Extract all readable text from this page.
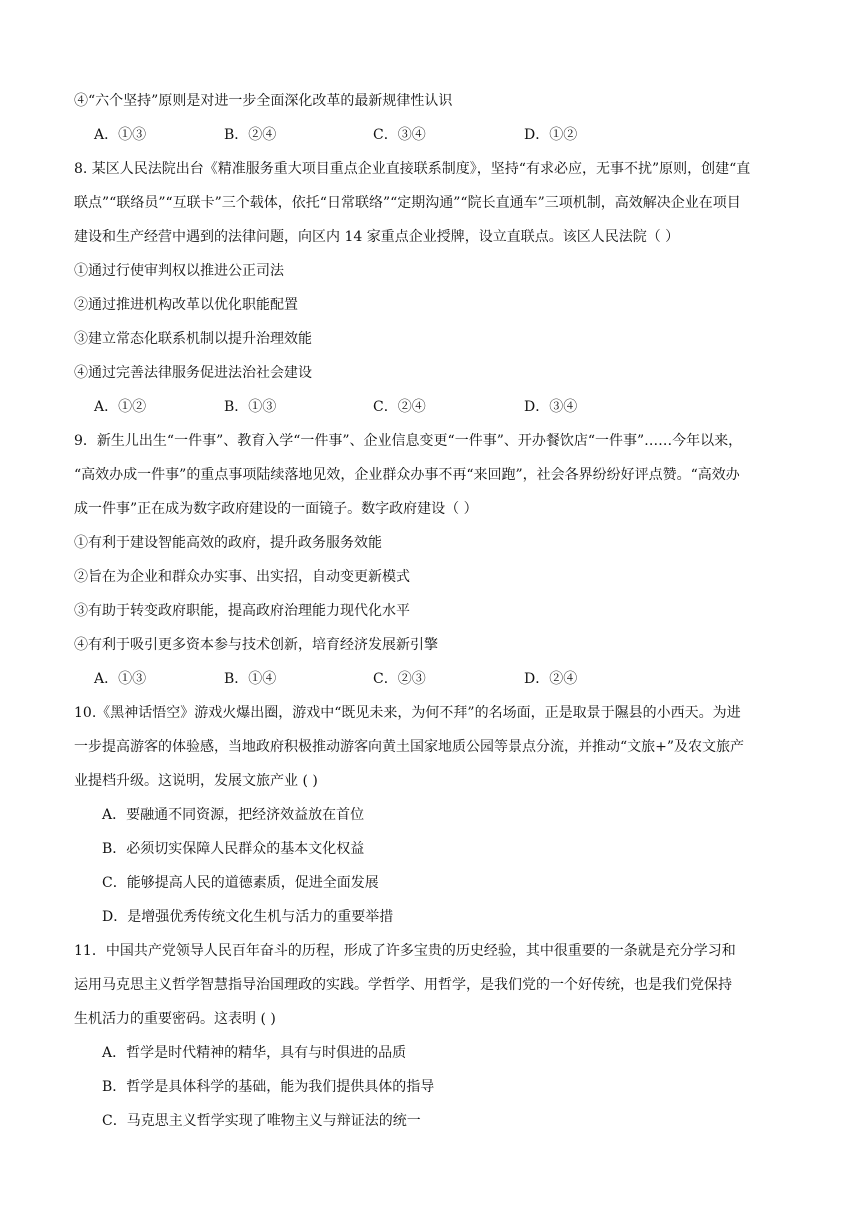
④“六个坚持”原则是对进一步全面深化改革的最新规律性认识
A．①③	B．②④	C．③④	D．①②
8. 某区人民法院出台《精准服务重大项目重点企业直接联系制度》，坚持“有求必应，无事不扰”原则，创建“直
联点”“联络员”“互联卡”三个载体，依托“日常联络”“定期沟通”“院长直通车”三项机制，高效解决企业在项目
建设和生产经营中遇到的法律问题，向区内 14 家重点企业授牌，设立直联点。该区人民法院（ ）
①通过行使审判权以推进公正司法
②通过推进机构改革以优化职能配置
③建立常态化联系机制以提升治理效能
④通过完善法律服务促进法治社会建设
A．①②	B．①③	C．②④	D．③④
9．新生儿出生“一件事”、教育入学“一件事”、企业信息变更“一件事”、开办餐饮店“一件事”……今年以来，
“高效办成一件事”的重点事项陆续落地见效，企业群众办事不再“来回跑”，社会各界纷纷好评点赞。“高效办
成一件事”正在成为数字政府建设的一面镜子。数字政府建设（ ）
①有利于建设智能高效的政府，提升政务服务效能
②旨在为企业和群众办实事、出实招，自动变更新模式
③有助于转变政府职能，提高政府治理能力现代化水平
④有利于吸引更多资本参与技术创新，培育经济发展新引擎
A．①③	B．①④	C．②③	D．②④
10.《黑神话悟空》游戏火爆出圈，游戏中“既见未来，为何不拜”的名场面，正是取景于隰县的小西天。为进
一步提高游客的体验感，当地政府积极推动游客向黄土国家地质公园等景点分流，并推动“文旅+”及农文旅产
业提档升级。这说明，发展文旅产业 ( )
A．要融通不同资源，把经济效益放在首位
B．必须切实保障人民群众的基本文化权益
C．能够提高人民的道德素质，促进全面发展
D．是增强优秀传统文化生机与活力的重要举措
11．中国共产党领导人民百年奋斗的历程，形成了许多宝贵的历史经验，其中很重要的一条就是充分学习和
运用马克思主义哲学智慧指导治国理政的实践。学哲学、用哲学，是我们党的一个好传统，也是我们党保持
生机活力的重要密码。这表明 ( )
A．哲学是时代精神的精华，具有与时俱进的品质
B．哲学是具体科学的基础，能为我们提供具体的指导
C．马克思主义哲学实现了唯物主义与辩证法的统一
